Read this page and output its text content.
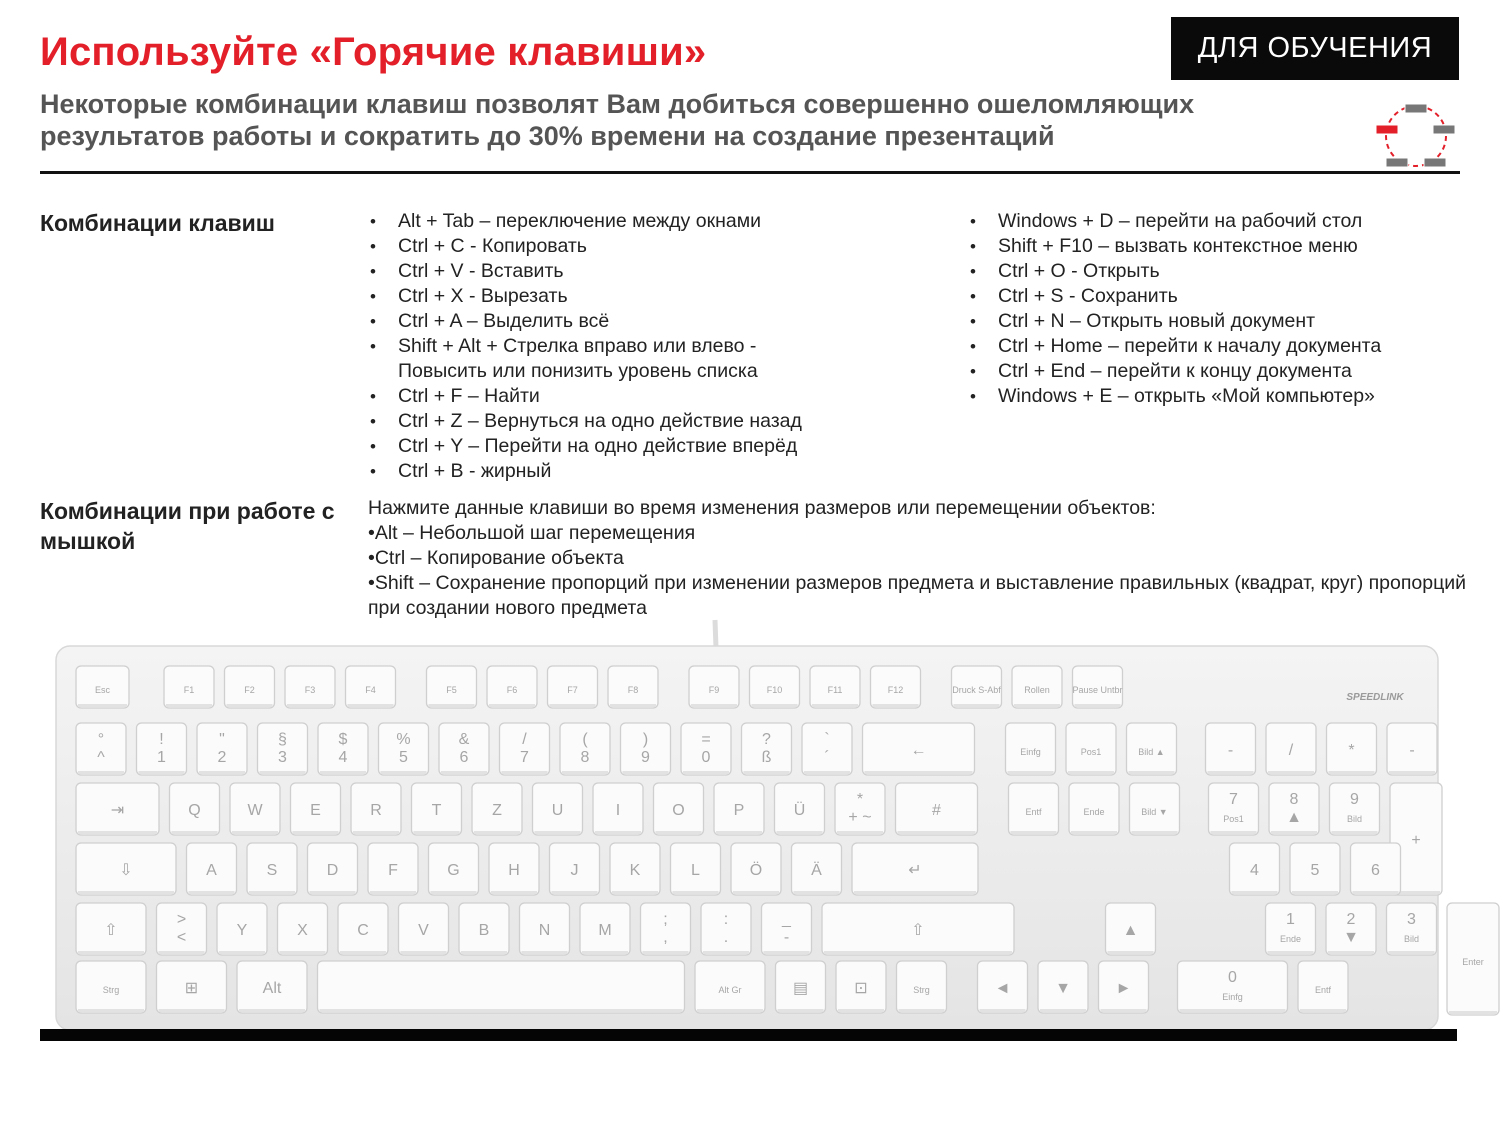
Используйте «Горячие клавиши»	ДЛЯ ОБУЧЕНИЯ

Некоторые комбинации клавиш позволят Вам добиться совершенно ошеломляющих результатов работы и сократить до 30% времени на создание презентаций

Комбинации клавиш
•	Alt + Tab – переключение между окнами
• Ctrl + C - Копировать
• Ctrl + V - Вставить
• Ctrl + X - Вырезать
• Ctrl + A – Выделить всё
• Shift + Alt + Стрелка вправо или влево - Повысить или понизить уровень списка
• Ctrl + F – Найти
• Ctrl + Z – Вернуться на одно действие назад
• Ctrl + Y – Перейти на одно действие вперёд
• Ctrl + B - жирный
• Windows + D – перейти на рабочий стол
• Shift + F10 – вызвать контекстное меню
• Ctrl + O - Открыть
• Ctrl + S - Сохранить
• Ctrl + N – Открыть новый документ
• Ctrl + Home – перейти к началу документа
• Ctrl + End – перейти к концу документа
• Windows + E – открыть «Мой компьютер»
Комбинации при работе с мышкой

Нажмите данные клавиши во время изменения размеров или перемещении объектов:

•Alt – Небольшой шаг перемещения

•Ctrl – Копирование объекта

•Shift – Сохранение пропорций при изменении размеров предмета и выставление правильных (квадрат, круг) пропорций при создании нового предмета

Esc	F1	F2	F3	F4	F5	F6	F7	F8	F9	F10	F11	F12	Druck S-Abf	Rollen	Pause Untbr
°
^
!
1
"
2
§
3
$
4
%
5
&
6
/
7
(
8
)
9
=
0
?
ß
`
´	←	Einfg	Pos1	Bild ▲	-	/	*	-
⇥	Q	W	E	R	T	Z	U	I	O	P	Ü
*
+ ~	#	Entf	Ende	Bild ▼
7
Pos1
8
▲
9
Bild
+
⇩	A	S	D	F	G	H	J	K	L	Ö	Ä	↵	4	5	6
⇧
>
<	Y	X	C	V	B	N	M
;
,
:
.
_
-	⇧	▲
1
Ende
2
▼
3
Bild
Enter
Strg	⊞	Alt	Alt Gr	▤	⊡	Strg	◄	▼	►
0
Einfg
Entf
SPEEDLINK
